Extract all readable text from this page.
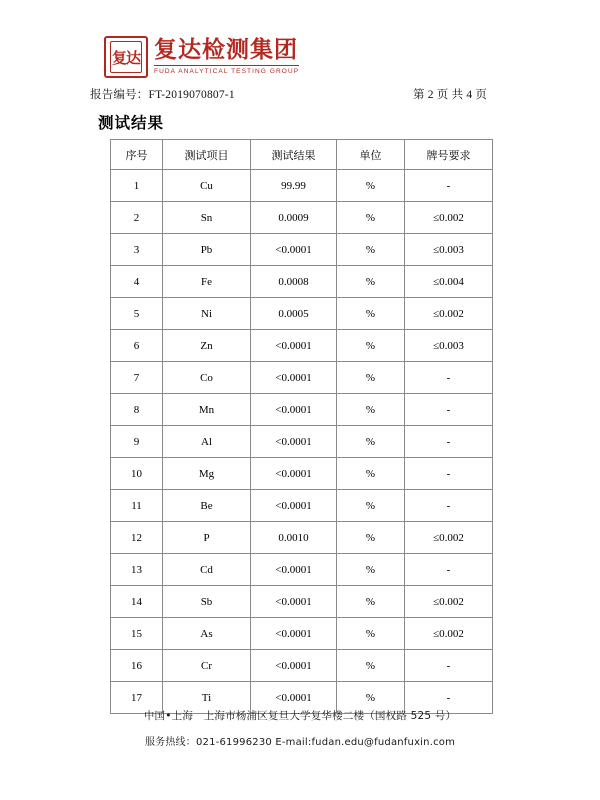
复达 复达检测集团
FUDA ANALYTICAL TESTING GROUP
报告编号：FT-2019070807-1	第 2 页 共 4 页
测试结果
序号	测试项目	测试结果	单位	牌号要求
1	Cu	99.99	%	-
2	Sn	0.0009	%	≤0.002
3	Pb	<0.0001	%	≤0.003
4	Fe	0.0008	%	≤0.004
5	Ni	0.0005	%	≤0.002
6	Zn	<0.0001	%	≤0.003
7	Co	<0.0001	%	-
8	Mn	<0.0001	%	-
9	Al	<0.0001	%	-
10	Mg	<0.0001	%	-
11	Be	<0.0001	%	-
12	P	0.0010	%	≤0.002
13	Cd	<0.0001	%	-
14	Sb	<0.0001	%	≤0.002
15	As	<0.0001	%	≤0.002
16	Cr	<0.0001	%	-
17	Ti	<0.0001	%	-
中国•上海　上海市杨浦区复旦大学复华楼二楼（国权路 525 号）
服务热线：021-61996230 E-mail:fudan.edu@fudanfuxin.com
